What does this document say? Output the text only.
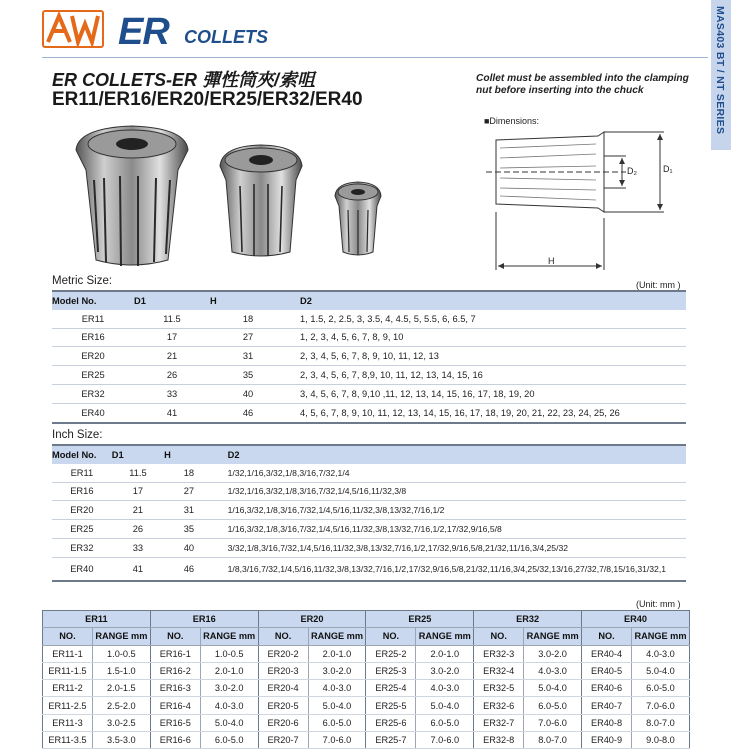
ER COLLETS	MAS403 BT / NT SERIES
ER COLLETS-ER 彈性筒夾/索咀
ER11/ER16/ER20/ER25/ER32/ER40
Collet must be assembled into the clamping nut before inserting into the chuck
■Dimensions:
D₂	D₁
H
Metric Size:	(Unit: mm )
Model No.	D1	H	D2
ER11	11.5	18	1, 1.5, 2, 2.5, 3, 3.5, 4, 4.5, 5, 5.5, 6, 6.5, 7
ER16	17	27	1, 2, 3, 4, 5, 6, 7, 8, 9, 10
ER20	21	31	2, 3, 4, 5, 6, 7, 8, 9, 10, 11, 12, 13
ER25	26	35	2, 3, 4, 5, 6, 7, 8,9, 10, 11, 12, 13, 14, 15, 16
ER32	33	40	3, 4, 5, 6, 7, 8, 9,10 ,11, 12, 13, 14, 15, 16, 17, 18, 19, 20
ER40	41	46	4, 5, 6, 7, 8, 9, 10, 11, 12, 13, 14, 15, 16, 17, 18, 19, 20, 21, 22, 23, 24, 25, 26
Inch Size:
Model No.	D1	H	D2
ER11	11.5	18	1/32,1/16,3/32,1/8,3/16,7/32,1/4
ER16	17	27	1/32,1/16,3/32,1/8,3/16,7/32,1/4,5/16,11/32,3/8
ER20	21	31	1/16,3/32,1/8,3/16,7/32,1/4,5/16,11/32,3/8,13/32,7/16,1/2
ER25	26	35	1/16,3/32,1/8,3/16,7/32,1/4,5/16,11/32,3/8,13/32,7/16,1/2,17/32,9/16,5/8
ER32	33	40	3/32,1/8,3/16,7/32,1/4,5/16,11/32,3/8,13/32,7/16,1/2,17/32,9/16,5/8,21/32,11/16,3/4,25/32
ER40	41	46	1/8,3/16,7/32,1/4,5/16,11/32,3/8,13/32,7/16,1/2,17/32,9/16,5/8,21/32,11/16,3/4,25/32,13/16,27/32,7/8,15/16,31/32,1
(Unit: mm )
ER11		ER16		ER20		ER25		ER32		ER40	
NO.	RANGE mm	NO.	RANGE mm	NO.	RANGE mm	NO.	RANGE mm	NO.	RANGE mm	NO.	RANGE mm
ER11-1	1.0-0.5	ER16-1	1.0-0.5	ER20-2	2.0-1.0	ER25-2	2.0-1.0	ER32-3	3.0-2.0	ER40-4	4.0-3.0
ER11-1.5	1.5-1.0	ER16-2	2.0-1.0	ER20-3	3.0-2.0	ER25-3	3.0-2.0	ER32-4	4.0-3.0	ER40-5	5.0-4.0
ER11-2	2.0-1.5	ER16-3	3.0-2.0	ER20-4	4.0-3.0	ER25-4	4.0-3.0	ER32-5	5.0-4.0	ER40-6	6.0-5.0
ER11-2.5	2.5-2.0	ER16-4	4.0-3.0	ER20-5	5.0-4.0	ER25-5	5.0-4.0	ER32-6	6.0-5.0	ER40-7	7.0-6.0
ER11-3	3.0-2.5	ER16-5	5.0-4.0	ER20-6	6.0-5.0	ER25-6	6.0-5.0	ER32-7	7.0-6.0	ER40-8	8.0-7.0
ER11-3.5	3.5-3.0	ER16-6	6.0-5.0	ER20-7	7.0-6.0	ER25-7	7.0-6.0	ER32-8	8.0-7.0	ER40-9	9.0-8.0
